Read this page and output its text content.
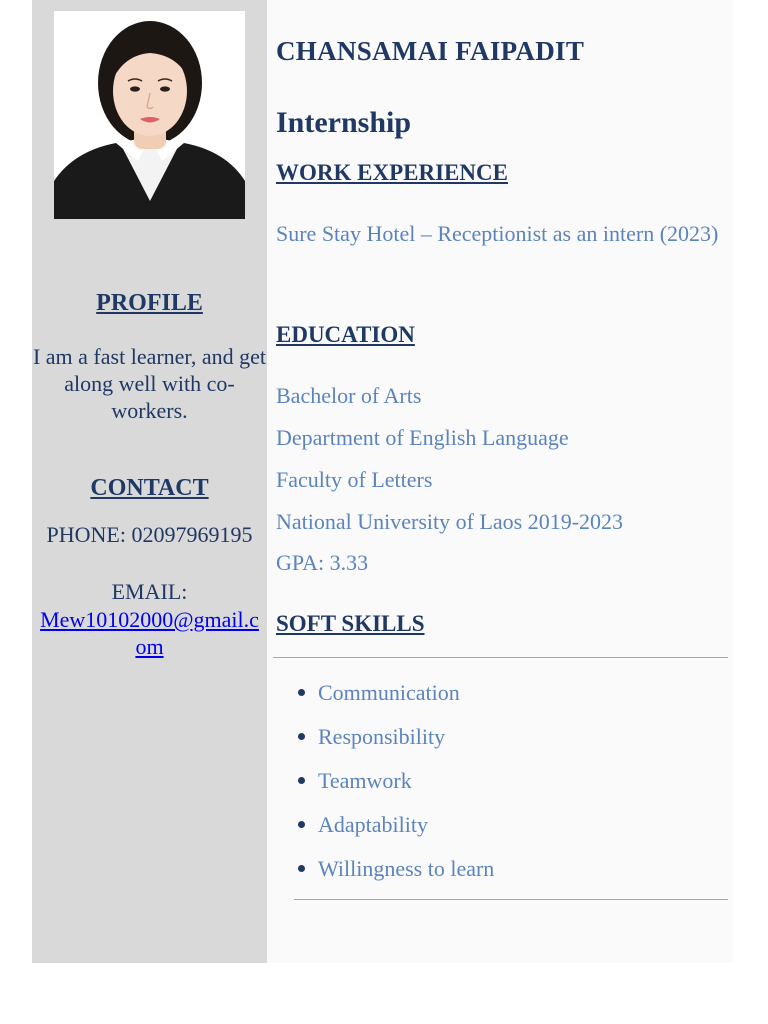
PROFILE
I am a fast learner, and get along well with co-workers.
CONTACT
PHONE: 02097969195
EMAIL:
Mew10102000@gmail.com
CHANSAMAI FAIPADIT
Internship
WORK EXPERIENCE
Sure Stay Hotel – Receptionist as an intern (2023)
EDUCATION
Bachelor of Arts
Department of English Language
Faculty of Letters
National University of Laos 2019-2023
GPA: 3.33
SOFT SKILLS
Communication
Responsibility
Teamwork
Adaptability
Willingness to learn
